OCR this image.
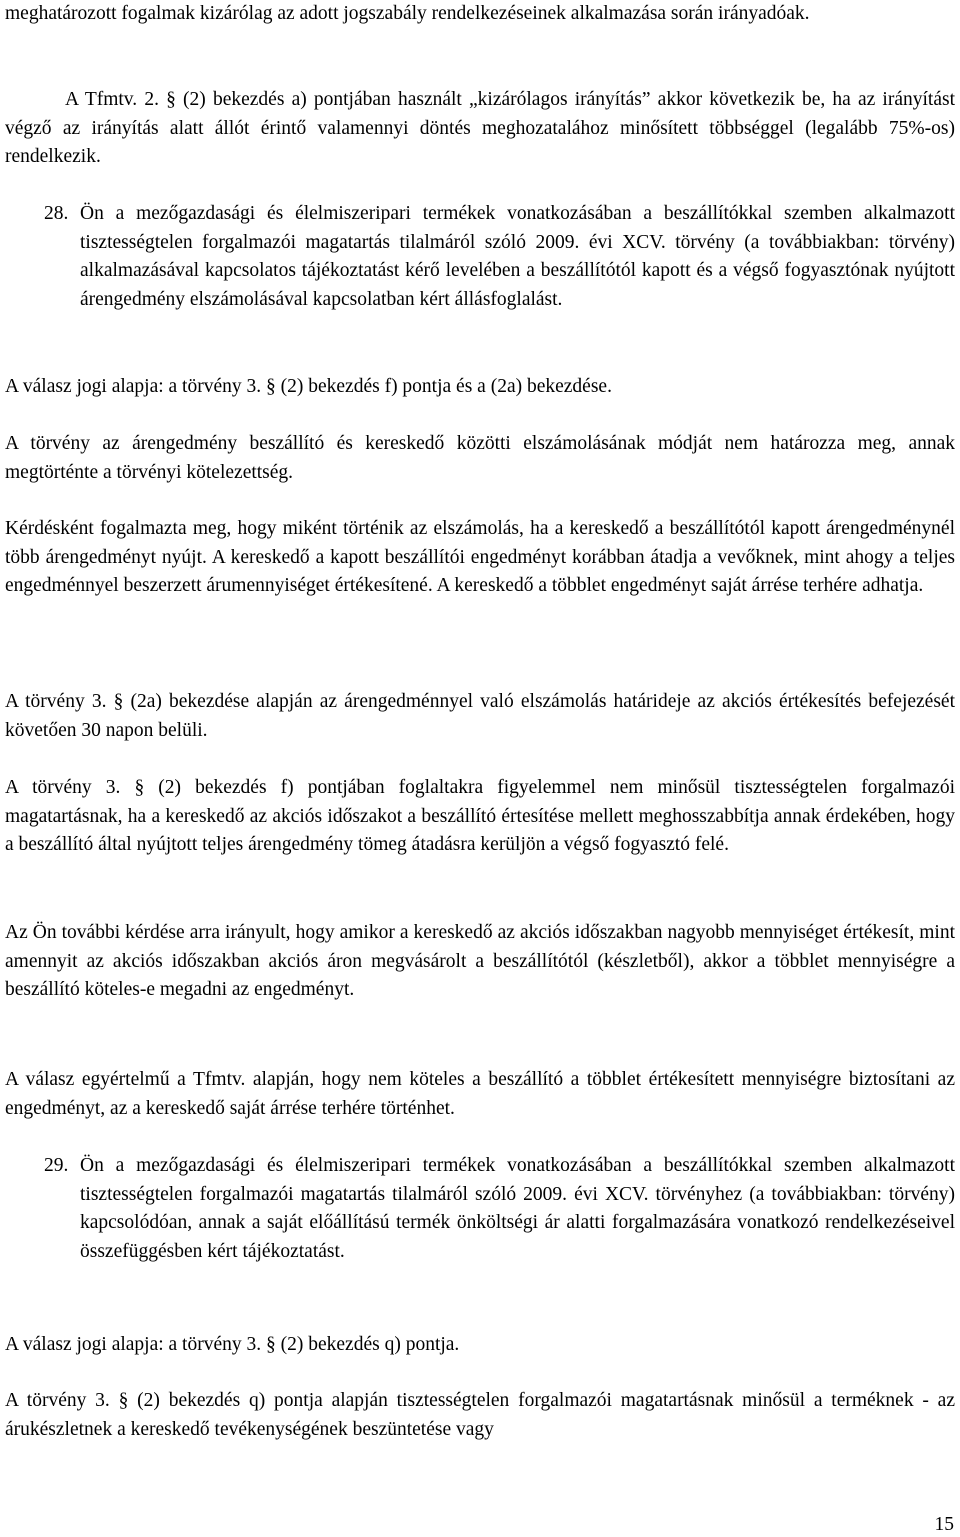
meghatározott fogalmak kizárólag az adott jogszabály rendelkezéseinek alkalmazása során irányadóak.

A Tfmtv. 2. § (2) bekezdés a) pontjában használt „kizárólagos irányítás” akkor következik be, ha az irányítást végző az irányítás alatt állót érintő valamennyi döntés meghozatalához minősített többséggel (legalább 75%-os) rendelkezik.

28. Ön a mezőgazdasági és élelmiszeripari termékek vonatkozásában a beszállítókkal szemben alkalmazott tisztességtelen forgalmazói magatartás tilalmáról szóló 2009. évi XCV. törvény (a továbbiakban: törvény) alkalmazásával kapcsolatos tájékoztatást kérő levelében a beszállítótól kapott és a végső fogyasztónak nyújtott árengedmény elszámolásával kapcsolatban kért állásfoglalást.

A válasz jogi alapja: a törvény 3. § (2) bekezdés f) pontja és a (2a) bekezdése.

A törvény az árengedmény beszállító és kereskedő közötti elszámolásának módját nem határozza meg, annak megtörténte a törvényi kötelezettség.

Kérdésként fogalmazta meg, hogy miként történik az elszámolás, ha a kereskedő a beszállítótól kapott árengedménynél több árengedményt nyújt. A kereskedő a kapott beszállítói engedményt korábban átadja a vevőknek, mint ahogy a teljes engedménnyel beszerzett árumennyiséget értékesítené. A kereskedő a többlet engedményt saját árrése terhére adhatja.

A törvény 3. § (2a) bekezdése alapján az árengedménnyel való elszámolás határideje az akciós értékesítés befejezését követően 30 napon belüli.

A törvény 3. § (2) bekezdés f) pontjában foglaltakra figyelemmel nem minősül tisztességtelen forgalmazói magatartásnak, ha a kereskedő az akciós időszakot a beszállító értesítése mellett meghosszabbítja annak érdekében, hogy a beszállító által nyújtott teljes árengedmény tömeg átadásra kerüljön a végső fogyasztó felé.

Az Ön további kérdése arra irányult, hogy amikor a kereskedő az akciós időszakban nagyobb mennyiséget értékesít, mint amennyit az akciós időszakban akciós áron megvásárolt a beszállítótól (készletből), akkor a többlet mennyiségre a beszállító köteles-e megadni az engedményt.

A válasz egyértelmű a Tfmtv. alapján, hogy nem köteles a beszállító a többlet értékesített mennyiségre biztosítani az engedményt, az a kereskedő saját árrése terhére történhet.

29. Ön a mezőgazdasági és élelmiszeripari termékek vonatkozásában a beszállítókkal szemben alkalmazott tisztességtelen forgalmazói magatartás tilalmáról szóló 2009. évi XCV. törvényhez (a továbbiakban: törvény) kapcsolódóan, annak a saját előállítású termék önköltségi ár alatti forgalmazására vonatkozó rendelkezéseivel összefüggésben kért tájékoztatást.

A válasz jogi alapja: a törvény 3. § (2) bekezdés q) pontja.

A törvény 3. § (2) bekezdés q) pontja alapján tisztességtelen forgalmazói magatartásnak minősül a terméknek - az árukészletnek a kereskedő tevékenységének beszüntetése vagy

15
